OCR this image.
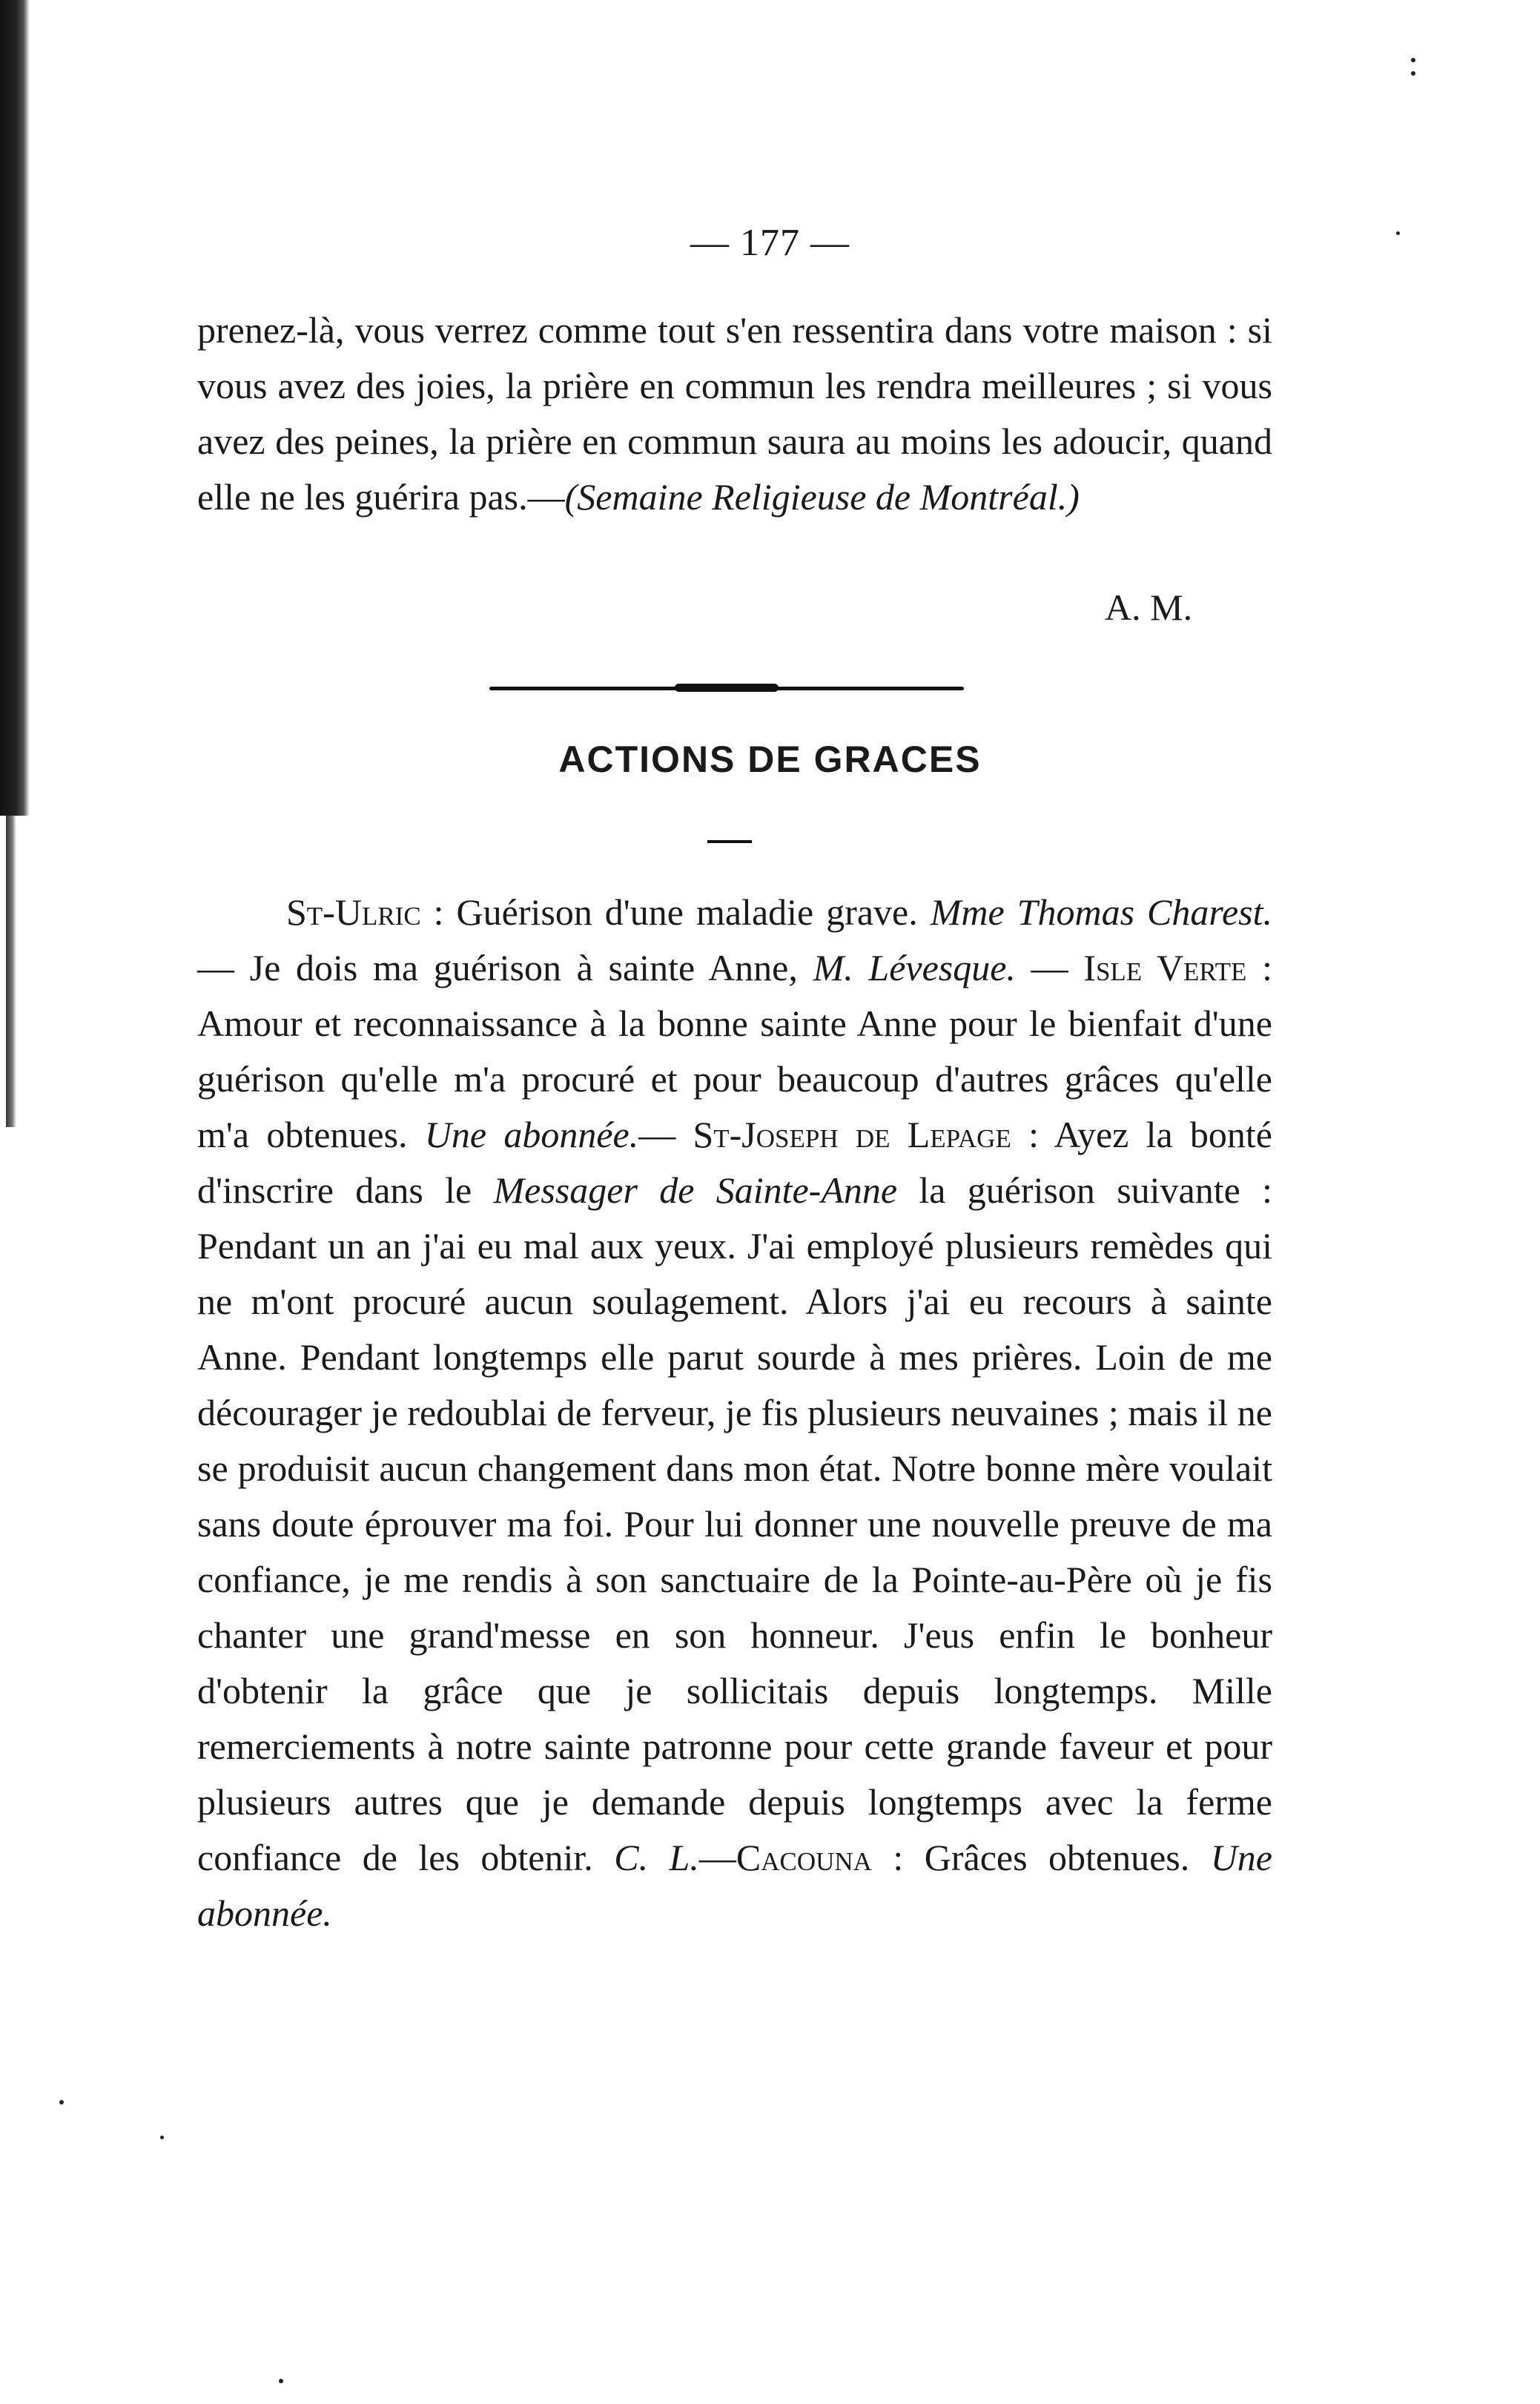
— 177 —

prenez-là, vous verrez comme tout s'en ressentira dans votre maison : si vous avez des joies, la prière en commun les rendra meilleures ; si vous avez des peines, la prière en commun saura au moins les adoucir, quand elle ne les guérira pas.—(Semaine Religieuse de Montréal.)

A. M.
ACTIONS DE GRACES

St-Ulric : Guérison d'une maladie grave. Mme Thomas Charest. — Je dois ma guérison à sainte Anne, M. Lévesque. — Isle Verte : Amour et reconnaissance à la bonne sainte Anne pour le bienfait d'une guérison qu'elle m'a procuré et pour beaucoup d'autres grâces qu'elle m'a obtenues. Une abonnée.— St-Joseph de Lepage : Ayez la bonté d'inscrire dans le Messager de Sainte-Anne la guérison suivante : Pendant un an j'ai eu mal aux yeux. J'ai employé plusieurs remèdes qui ne m'ont procuré aucun soulagement. Alors j'ai eu recours à sainte Anne. Pendant longtemps elle parut sourde à mes prières. Loin de me décourager je redoublai de ferveur, je fis plusieurs neuvaines ; mais il ne se produisit aucun changement dans mon état. Notre bonne mère voulait sans doute éprouver ma foi. Pour lui donner une nouvelle preuve de ma confiance, je me rendis à son sanctuaire de la Pointe-au-Père où je fis chanter une grand'messe en son honneur. J'eus enfin le bonheur d'obtenir la grâce que je sollicitais depuis longtemps. Mille remerciements à notre sainte patronne pour cette grande faveur et pour plusieurs autres que je demande depuis longtemps avec la ferme confiance de les obtenir. C. L.—Cacouna : Grâces obtenues. Une abonnée.
